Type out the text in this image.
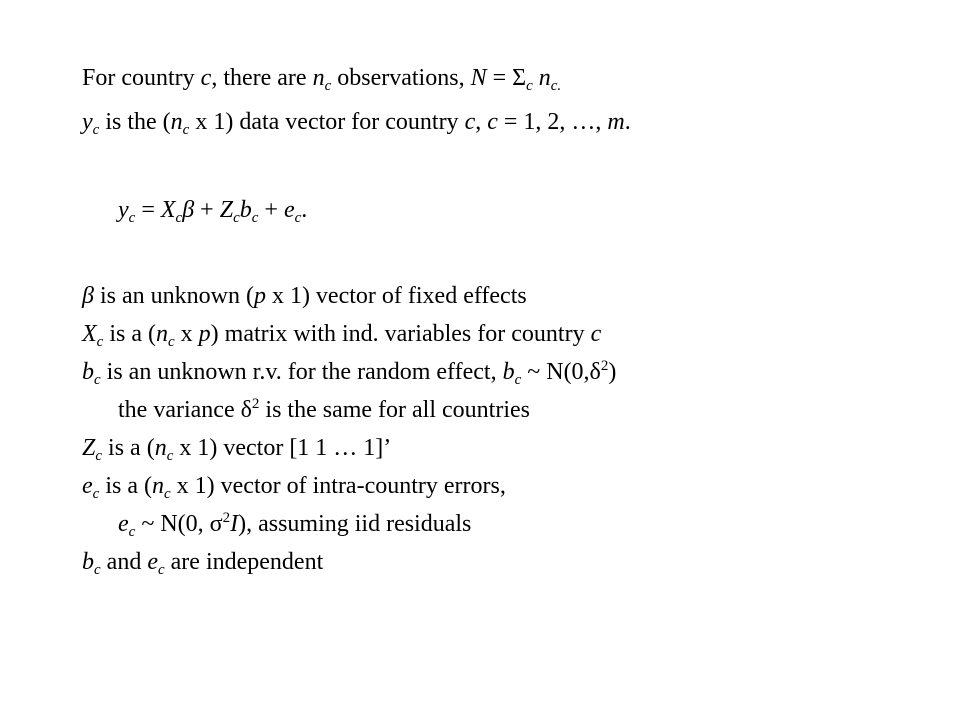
For country c, there are $n_c$ observations, $N = \Sigma_c$ $n_{c.}$
$y_c$ is the ($n_c$ x 1) data vector for country c, c = 1, 2, …, m.
$y_c = X_c\beta + Z_cb_c + e_c$.
β is an unknown (p x 1) vector of fixed effects
$X_c$ is a ($n_c$ x p) matrix with ind. variables for country c
$b_c$ is an unknown r.v. for the random effect, $b_c$ ~ $N(0,\delta^2)$
the variance $\delta^2$ is the same for all countries
$Z_c$ is a ($n_c$ x 1) vector [1 1 … 1]’
$e_c$ is a ($n_c$ x 1) vector of intra-country errors,
$e_c$ ~ N(0, $\sigma^2I$), assuming iid residuals
$b_c$ and $e_c$ are independent
